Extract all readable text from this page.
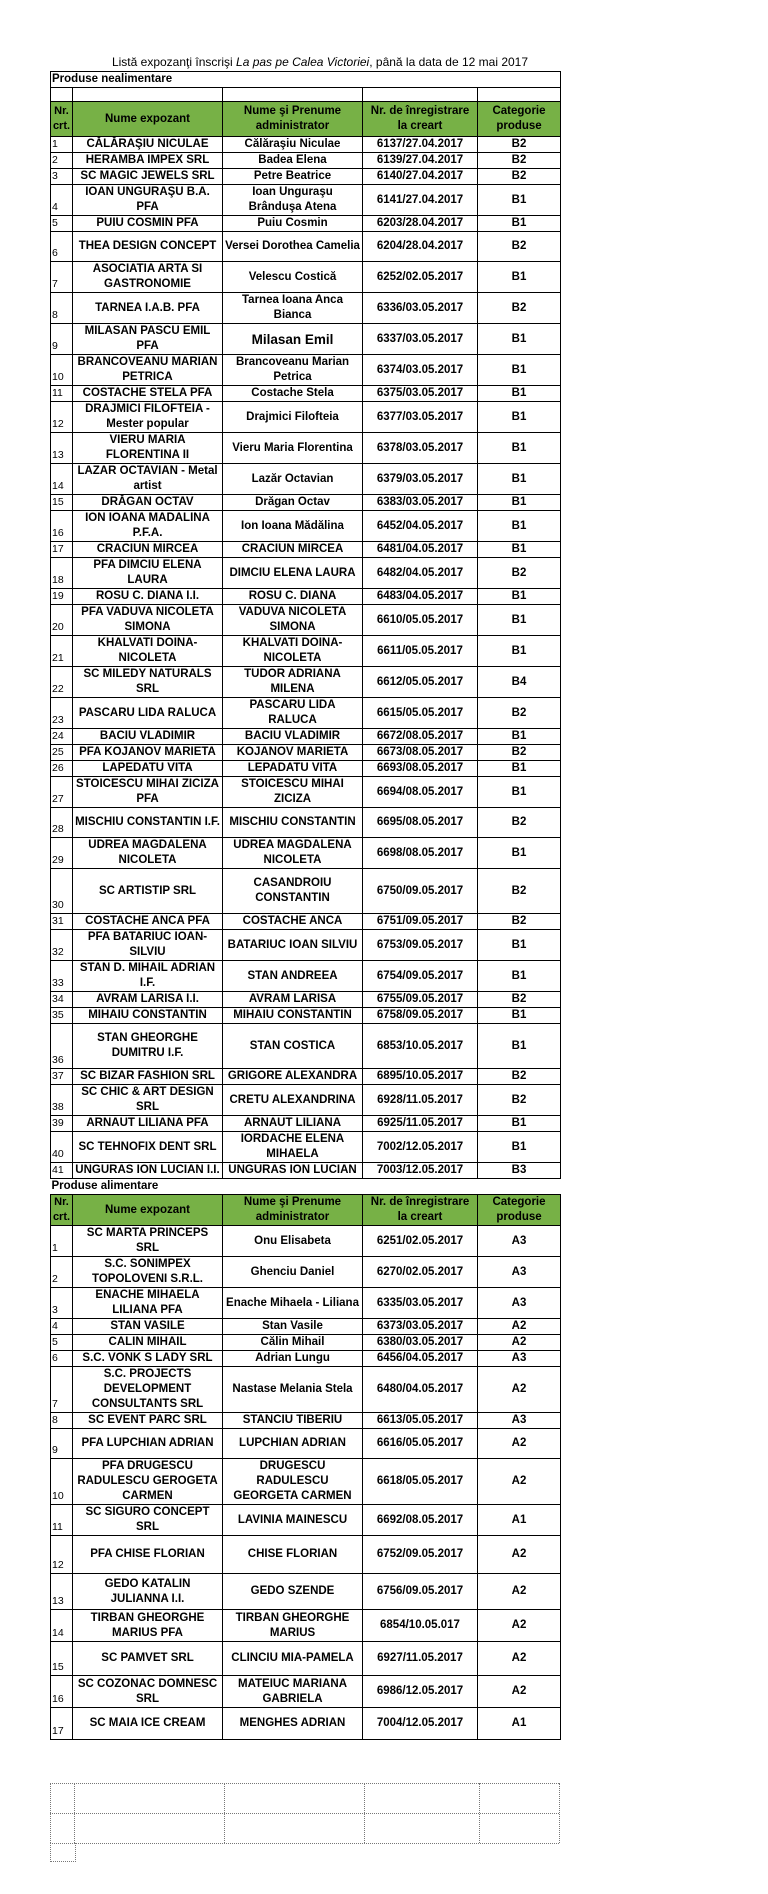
Listă expozanţi înscrişi La pas pe Calea Victoriei, până la data de 12 mai 2017
Produse nealimentare				

Nr. crt.	Nume expozant	Nume şi Prenume administrator	Nr. de înregistrare la creart	Categorie produse
1	CĂLĂRAŞIU NICULAE	Călăraşiu Niculae	6137/27.04.2017	B2
2	HERAMBA IMPEX SRL	Badea Elena	6139/27.04.2017	B2
3	SC MAGIC JEWELS SRL	Petre Beatrice	6140/27.04.2017	B2
4	IOAN UNGURAŞU B.A. PFA	Ioan Unguraşu Brânduşa Atena	6141/27.04.2017	B1
5	PUIU COSMIN PFA	Puiu Cosmin	6203/28.04.2017	B1
6	THEA DESIGN CONCEPT	Versei Dorothea Camelia	6204/28.04.2017	B2
7	ASOCIATIA ARTA SI GASTRONOMIE	Velescu Costică	6252/02.05.2017	B1
8	TARNEA I.A.B. PFA	Tarnea Ioana Anca Bianca	6336/03.05.2017	B2
9	MILASAN PASCU EMIL PFA	Milasan Emil	6337/03.05.2017	B1
10	BRANCOVEANU MARIAN PETRICA	Brancoveanu Marian Petrica	6374/03.05.2017	B1
11	COSTACHE STELA PFA	Costache Stela	6375/03.05.2017	B1
12	DRAJMICI FILOFTEIA - Mester popular	Drajmici Filofteia	6377/03.05.2017	B1
13	VIERU MARIA FLORENTINA II	Vieru Maria Florentina	6378/03.05.2017	B1
14	LAZAR OCTAVIAN - Metal artist	Lazăr Octavian	6379/03.05.2017	B1
15	DRĂGAN OCTAV	Drăgan Octav	6383/03.05.2017	B1
16	ION IOANA MADALINA P.F.A.	Ion Ioana Mădălina	6452/04.05.2017	B1
17	CRACIUN MIRCEA	CRACIUN MIRCEA	6481/04.05.2017	B1
18	PFA DIMCIU ELENA LAURA	DIMCIU ELENA LAURA	6482/04.05.2017	B2
19	ROSU C. DIANA I.I.	ROSU C. DIANA	6483/04.05.2017	B1
20	PFA VADUVA NICOLETA SIMONA	VADUVA NICOLETA SIMONA	6610/05.05.2017	B1
21	KHALVATI DOINA-NICOLETA	KHALVATI DOINA-NICOLETA	6611/05.05.2017	B1
22	SC MILEDY NATURALS SRL	TUDOR ADRIANA MILENA	6612/05.05.2017	B4
23	PASCARU LIDA RALUCA	PASCARU LIDA RALUCA	6615/05.05.2017	B2
24	BACIU VLADIMIR	BACIU VLADIMIR	6672/08.05.2017	B1
25	PFA KOJANOV MARIETA	KOJANOV MARIETA	6673/08.05.2017	B2
26	LAPEDATU VITA	LEPADATU VITA	6693/08.05.2017	B1
27	STOICESCU MIHAI ZICIZA PFA	STOICESCU MIHAI ZICIZA	6694/08.05.2017	B1
28	MISCHIU CONSTANTIN I.F.	MISCHIU CONSTANTIN	6695/08.05.2017	B2
29	UDREA MAGDALENA NICOLETA	UDREA MAGDALENA NICOLETA	6698/08.05.2017	B1
30	SC ARTISTIP SRL	CASANDROIU CONSTANTIN	6750/09.05.2017	B2
31	COSTACHE ANCA PFA	COSTACHE ANCA	6751/09.05.2017	B2
32	PFA BATARIUC IOAN-SILVIU	BATARIUC IOAN SILVIU	6753/09.05.2017	B1
33	STAN D. MIHAIL ADRIAN I.F.	STAN ANDREEA	6754/09.05.2017	B1
34	AVRAM LARISA I.I.	AVRAM LARISA	6755/09.05.2017	B2
35	MIHAIU CONSTANTIN	MIHAIU CONSTANTIN	6758/09.05.2017	B1
36	STAN GHEORGHE DUMITRU I.F.	STAN COSTICA	6853/10.05.2017	B1
37	SC BIZAR FASHION SRL	GRIGORE ALEXANDRA	6895/10.05.2017	B2
38	SC CHIC & ART DESIGN SRL	CRETU ALEXANDRINA	6928/11.05.2017	B2
39	ARNAUT LILIANA PFA	ARNAUT LILIANA	6925/11.05.2017	B1
40	SC TEHNOFIX DENT SRL	IORDACHE ELENA MIHAELA	7002/12.05.2017	B1
41	UNGURAS ION LUCIAN I.I.	UNGURAS ION LUCIAN	7003/12.05.2017	B3
Produse alimentare				
Nr. crt.	Nume expozant	Nume şi Prenume administrator	Nr. de înregistrare la creart	Categorie produse
1	SC MARTA PRINCEPS SRL	Onu Elisabeta	6251/02.05.2017	A3
2	S.C. SONIMPEX TOPOLOVENI S.R.L.	Ghenciu Daniel	6270/02.05.2017	A3
3	ENACHE MIHAELA LILIANA PFA	Enache Mihaela - Liliana	6335/03.05.2017	A3
4	STAN VASILE	Stan Vasile	6373/03.05.2017	A2
5	CALIN MIHAIL	Călin Mihail	6380/03.05.2017	A2
6	S.C. VONK S LADY SRL	Adrian Lungu	6456/04.05.2017	A3
7	S.C. PROJECTS DEVELOPMENT CONSULTANTS SRL	Nastase Melania Stela	6480/04.05.2017	A2
8	SC EVENT PARC SRL	STANCIU TIBERIU	6613/05.05.2017	A3
9	PFA LUPCHIAN ADRIAN	LUPCHIAN ADRIAN	6616/05.05.2017	A2
10	PFA DRUGESCU RADULESCU GEROGETA CARMEN	DRUGESCU RADULESCU GEORGETA CARMEN	6618/05.05.2017	A2
11	SC SIGURO CONCEPT SRL	LAVINIA MAINESCU	6692/08.05.2017	A1
12	PFA CHISE FLORIAN	CHISE FLORIAN	6752/09.05.2017	A2
13	GEDO KATALIN JULIANNA I.I.	GEDO SZENDE	6756/09.05.2017	A2
14	TIRBAN GHEORGHE MARIUS PFA	TIRBAN GHEORGHE MARIUS	6854/10.05.017	A2
15	SC PAMVET SRL	CLINCIU MIA-PAMELA	6927/11.05.2017	A2
16	SC COZONAC DOMNESC SRL	MATEIUC MARIANA GABRIELA	6986/12.05.2017	A2
17	SC MAIA ICE CREAM	MENGHES ADRIAN	7004/12.05.2017	A1
